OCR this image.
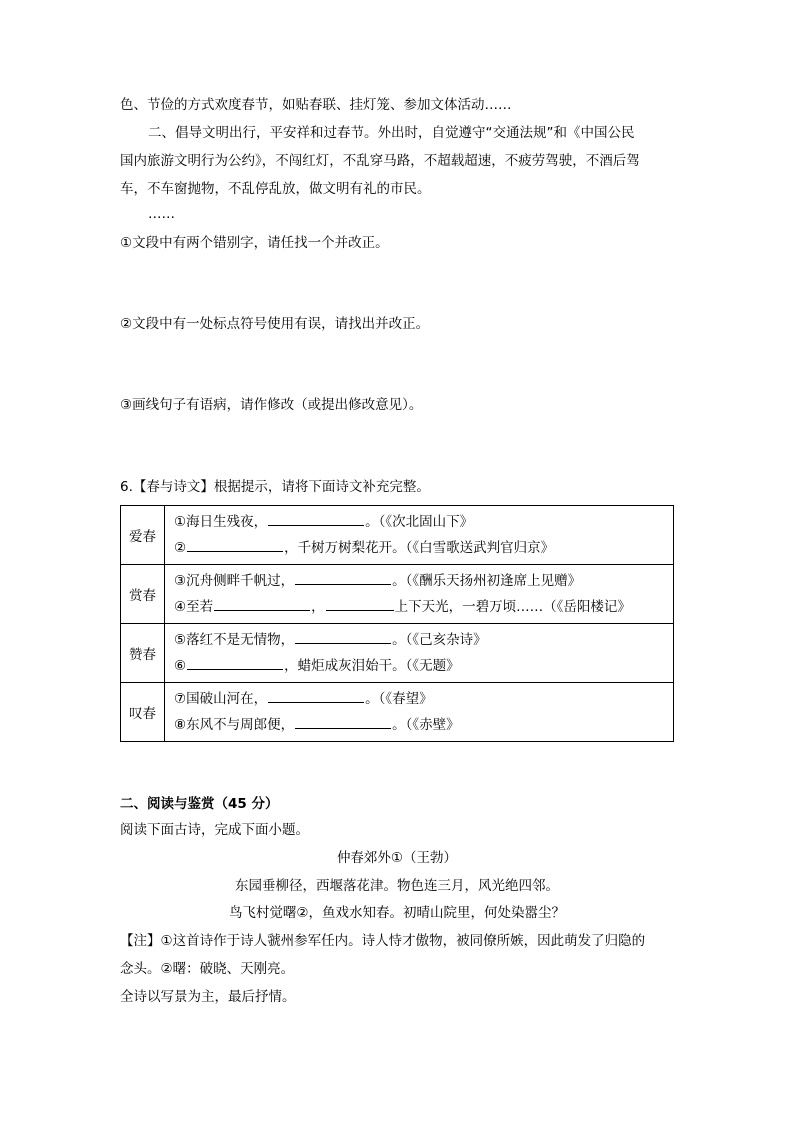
色、节俭的方式欢度春节，如贴春联、挂灯笼、参加文体活动……
二、倡导文明出行，平安祥和过春节。外出时，自觉遵守“交通法规”和《中国公民
国内旅游文明行为公约》，不闯红灯，不乱穿马路，不超载超速，不疲劳驾驶，不酒后驾
车，不车窗抛物，不乱停乱放，做文明有礼的市民。
……
①文段中有两个错别字，请任找一个并改正。
②文段中有一处标点符号使用有误，请找出并改正。
③画线句子有语病，请作修改（或提出修改意见）。
6.【春与诗文】根据提示，请将下面诗文补充完整。
爱春	①海日生残夜， 。（《次北固山下》
② ，千树万树梨花开。（《白雪歌送武判官归京》

赏春	③沉舟侧畔千帆过， 。（《酬乐天扬州初逢席上见赠》
④至若 ， 上下天光，一碧万顷……（《岳阳楼记》

赞春	⑤落红不是无情物， 。（《己亥杂诗》
⑥ ，蜡炬成灰泪始干。（《无题》

叹春	⑦国破山河在， 。（《春望》
⑧东风不与周郎便， 。（《赤壁》
二、阅读与鉴赏（45 分）
阅读下面古诗，完成下面小题。
仲春郊外①（王勃）
东园垂柳径，西堰落花津。物色连三月，风光绝四邻。
鸟飞村觉曙②，鱼戏水知春。初晴山院里，何处染嚣尘？
【注】①这首诗作于诗人虢州参军任内。诗人恃才傲物，被同僚所嫉，因此萌发了归隐的
念头。②曙：破晓、天刚亮。
全诗以写景为主，最后抒情。
